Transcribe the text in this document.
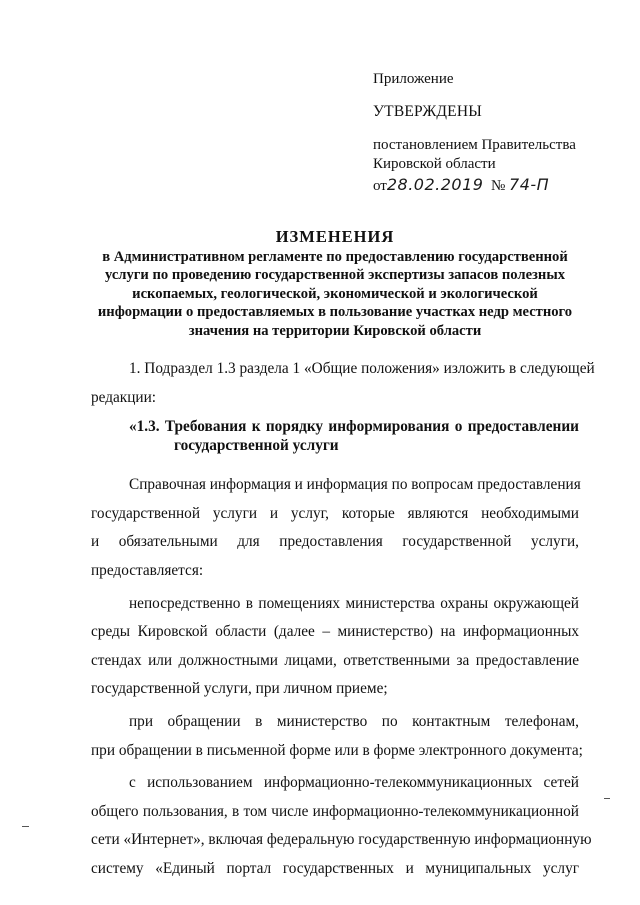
Приложение
УТВЕРЖДЕНЫ
постановлением Правительства
Кировской области
от28.02.2019 № 74-П
ИЗМЕНЕНИЯ
в Административном регламенте по предоставлению государственной
услуги по проведению государственной экспертизы запасов полезных
ископаемых, геологической, экономической и экологической
информации о предоставляемых в пользование участках недр местного
значения на территории Кировской области
1. Подраздел 1.3 раздела 1 «Общие положения» изложить в следующей
редакции:
«1.3. Требования к порядку информирования о предоставлении
государственной услуги
Справочная информация и информация по вопросам предоставления
государственной услуги и услуг, которые являются необходимыми
и обязательными для предоставления государственной услуги,
предоставляется:
непосредственно в помещениях министерства охраны окружающей
среды Кировской области (далее – министерство) на информационных
стендах или должностными лицами, ответственными за предоставление
государственной услуги, при личном приеме;
при обращении в министерство по контактным телефонам,
при обращении в письменной форме или в форме электронного документа;
с использованием информационно-телекоммуникационных сетей
общего пользования, в том числе информационно-телекоммуникационной
сети «Интернет», включая федеральную государственную информационную
систему «Единый портал государственных и муниципальных услуг
